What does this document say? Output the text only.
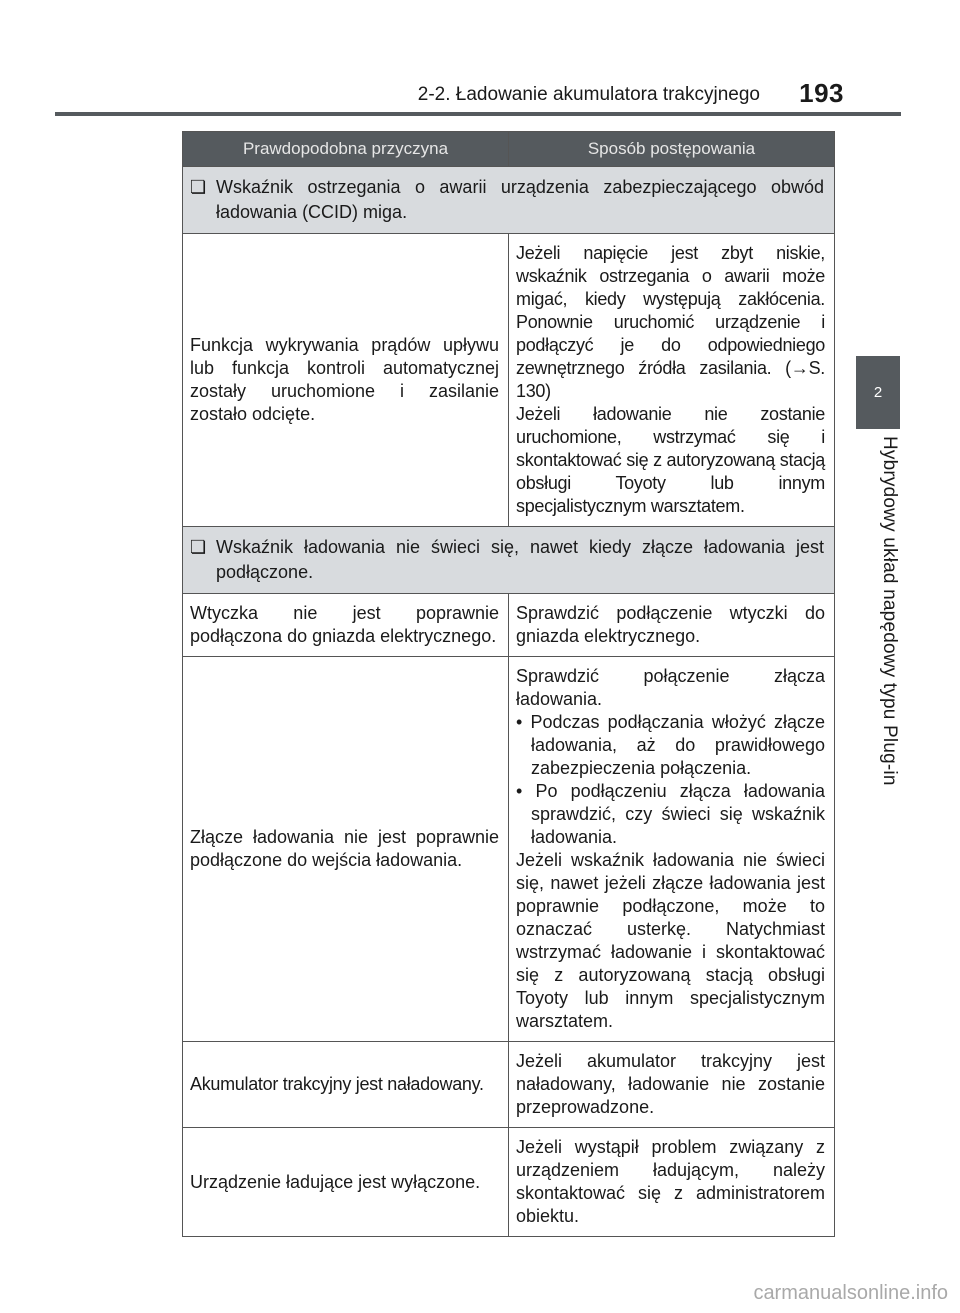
2-2. Ładowanie akumulatora trakcyjnego 193
2
Hybrydowy układ napędowy typu Plug-in
Prawdopodobna przyczyna	Sposób postępowania
❏ Wskaźnik ostrzegania o awarii urządzenia zabezpieczającego obwód ładowania (CCID) miga.	
Funkcja wykrywania prądów upływu lub funkcja kontroli automatycznej zostały uruchomione i zasilanie zostało odcięte.	Jeżeli napięcie jest zbyt niskie, wskaźnik ostrzegania o awarii może migać, kiedy występują zakłócenia. Ponownie uruchomić urządzenie i podłączyć je do odpowiedniego zewnętrznego źródła zasilania. (→S. 130)
Jeżeli ładowanie nie zostanie uruchomione, wstrzymać się i skontaktować się z autoryzowaną stacją obsługi Toyoty lub innym specjalistycznym warsztatem.
❏ Wskaźnik ładowania nie świeci się, nawet kiedy złącze ładowania jest podłączone.	
Wtyczka nie jest poprawnie podłączona do gniazda elektrycznego.	Sprawdzić podłączenie wtyczki do gniazda elektrycznego.
Złącze ładowania nie jest poprawnie podłączone do wejścia ładowania.	Sprawdzić połączenie złącza ładowania.
• Podczas podłączania włożyć złącze ładowania, aż do prawidłowego zabezpieczenia połączenia.
• Po podłączeniu złącza ładowania sprawdzić, czy świeci się wskaźnik ładowania.
Jeżeli wskaźnik ładowania nie świeci się, nawet jeżeli złącze ładowania jest poprawnie podłączone, może to oznaczać usterkę. Natychmiast wstrzymać ładowanie i skontaktować się z autoryzowaną stacją obsługi Toyoty lub innym specjalistycznym warsztatem.
Akumulator trakcyjny jest naładowany.	Jeżeli akumulator trakcyjny jest naładowany, ładowanie nie zostanie przeprowadzone.
Urządzenie ładujące jest wyłączone.	Jeżeli wystąpił problem związany z urządzeniem ładującym, należy skontaktować się z administratorem obiektu.
carmanualsonline.info
